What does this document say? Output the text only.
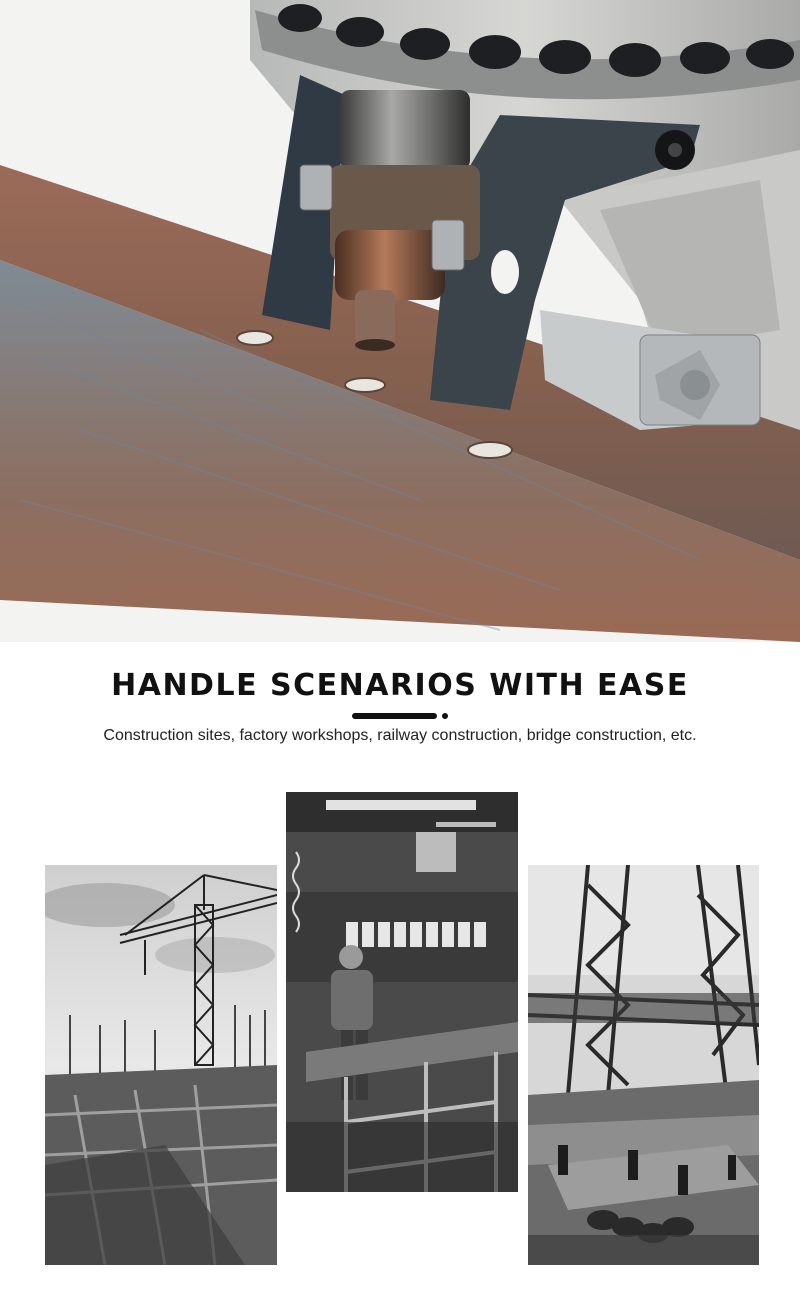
HANDLE SCENARIOS WITH EASE
Construction sites, factory workshops, railway construction, bridge construction, etc.
